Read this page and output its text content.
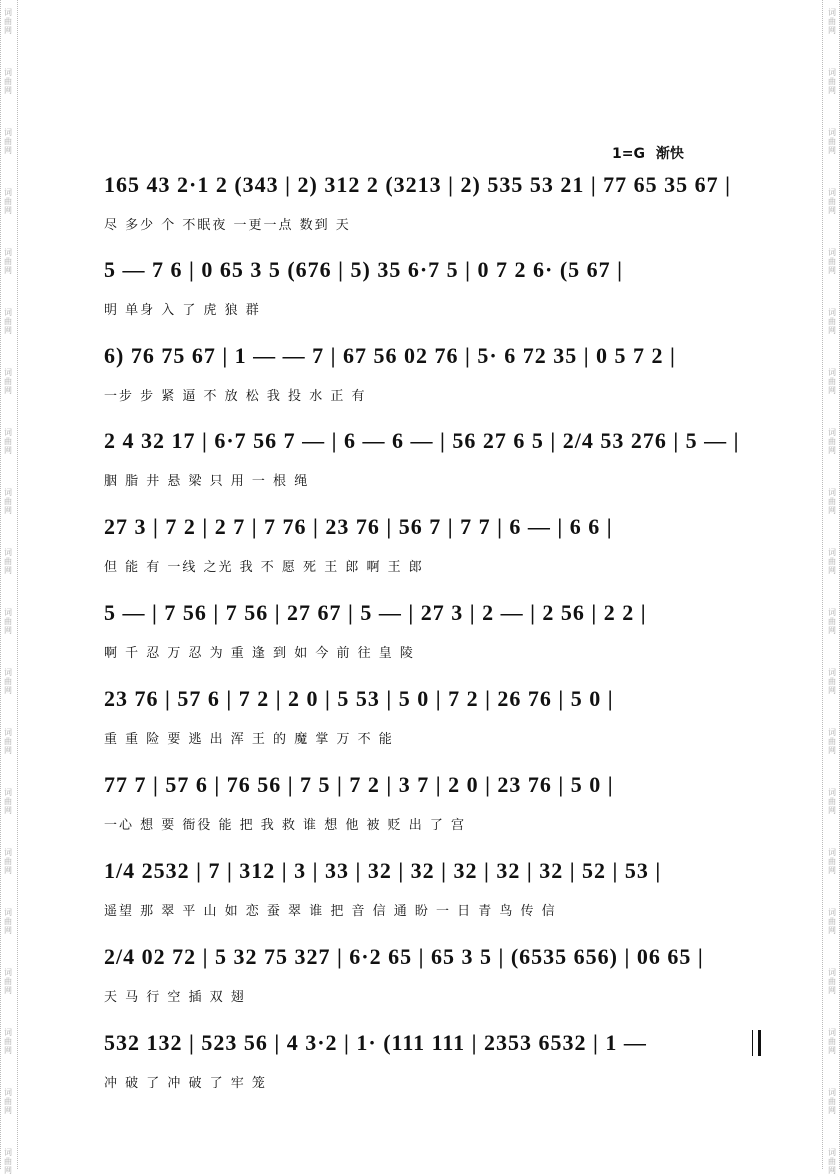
1=G 渐快
165 43 2·1 2 (343 | 2) 312 2 (3213 | 2) 535 53 21 | 77 65 35 67 |
尽 多少 个 不眠夜 一更一点 数到 天
5 — 7 6 | 0 65 3 5 (676 | 5) 35 6·7 5 | 0 7 2 6· (5 67 |
明 单身 入 了 虎 狼 群
6) 76 75 67 | 1 — — 7 | 67 56 02 76 | 5· 6 72 35 | 0 5 7 2 |
一步 步 紧 逼 不 放 松 我 投 水 正 有
2 4 32 17 | 6·7 56 7 — | 6 — 6 — | 56 27 6 5 | 2/4 53 276 | 5 — |
胭 脂 井 悬 梁 只 用 一 根 绳
27 3 | 7 2 | 2 7 | 7 76 | 23 76 | 56 7 | 7 7 | 6 — | 6 6 |
但 能 有 一线 之光 我 不 愿 死 王 郎 啊 王 郎
5 — | 7 56 | 7 56 | 27 67 | 5 — | 27 3 | 2 — | 2 56 | 2 2 |
啊 千 忍 万 忍 为 重 逢 到 如 今 前 往 皇 陵
23 76 | 57 6 | 7 2 | 2 0 | 5 53 | 5 0 | 7 2 | 26 76 | 5 0 |
重 重 险 要 逃 出 浑 王 的 魔 掌 万 不 能
77 7 | 57 6 | 76 56 | 7 5 | 7 2 | 3 7 | 2 0 | 23 76 | 5 0 |
一心 想 要 衙役 能 把 我 救 谁 想 他 被 贬 出 了 宫
1/4 2532 | 7 | 312 | 3 | 33 | 32 | 32 | 32 | 32 | 32 | 52 | 53 |
遥望 那 翠 平 山 如 恋 蚕 翠 谁 把 音 信 通 盼 一 日 青 鸟 传 信
2/4 02 72 | 5 32 75 327 | 6·2 65 | 65 3 5 | (6535 656) | 06 65 |
天 马 行 空 插 双 翅
532 132 | 523 56 | 4 3·2 | 1· (111 111 | 2353 6532 | 1 —
冲 破 了 冲 破 了 牢 笼
词
曲
网
词
曲
网
词
曲
网
词
曲
网
词
曲
网
词
曲
网
词
曲
网
词
曲
网
词
曲
网
词
曲
网
词
曲
网
词
曲
网
词
曲
网
词
曲
网
词
曲
网
词
曲
网
词
曲
网
词
曲
网
词
曲
网
词
曲
网
词
曲
网
词
曲
网
词
曲
网
词
曲
网
词
曲
网
词
曲
网
词
曲
网
词
曲
网
词
曲
网
词
曲
网
词
曲
网
词
曲
网
词
曲
网
词
曲
网
词
曲
网
词
曲
网
词
曲
网
词
曲
网
词
曲
网
词
曲
网
